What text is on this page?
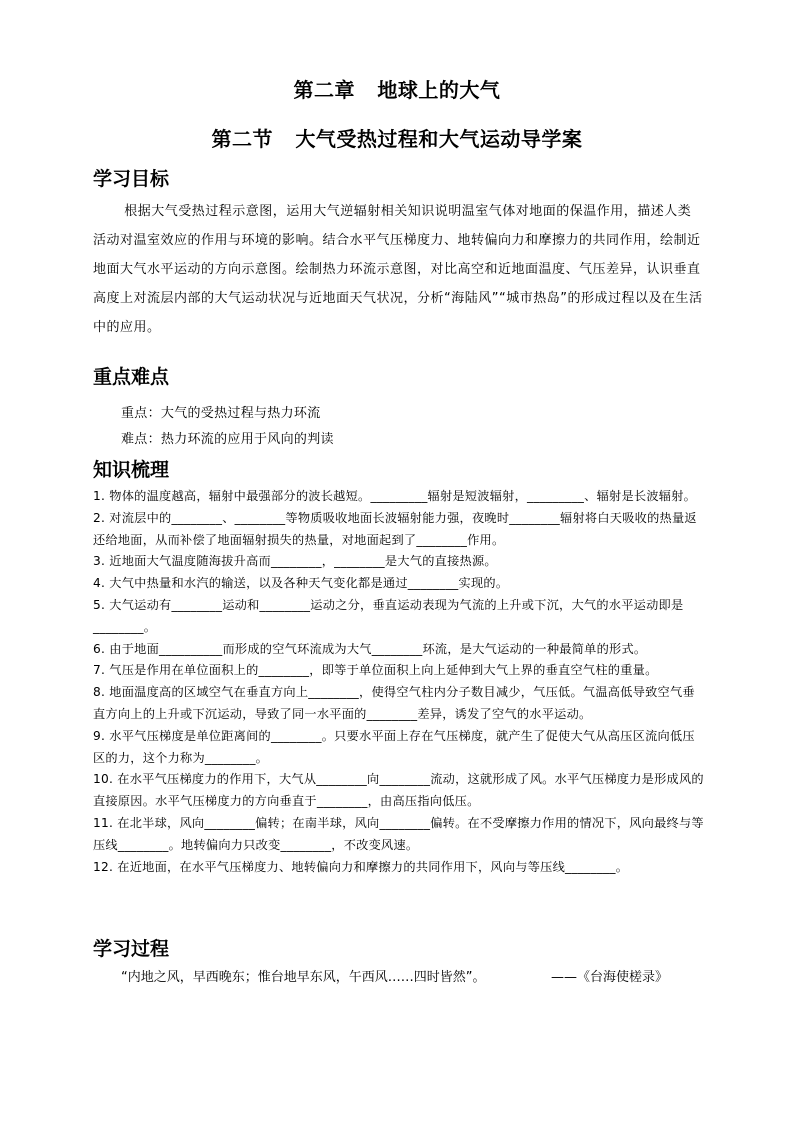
第二章   地球上的大气
第二节   大气受热过程和大气运动导学案
学习目标
根据大气受热过程示意图，运用大气逆辐射相关知识说明温室气体对地面的保温作用，描述人类活动对温室效应的作用与环境的影响。结合水平气压梯度力、地转偏向力和摩擦力的共同作用，绘制近地面大气水平运动的方向示意图。绘制热力环流示意图，对比高空和近地面温度、气压差异，认识垂直高度上对流层内部的大气运动状况与近地面天气状况，分析“海陆风”“城市热岛”的形成过程以及在生活中的应用。
重点难点
重点：大气的受热过程与热力环流
难点：热力环流的应用于风向的判读
知识梳理
1. 物体的温度越高，辐射中最强部分的波长越短。_________辐射是短波辐射，_________、辐射是长波辐射。
2. 对流层中的________、________等物质吸收地面长波辐射能力强，夜晚时________辐射将白天吸收的热量返还给地面，从而补偿了地面辐射损失的热量，对地面起到了________作用。
3. 近地面大气温度随海拔升高而________，________是大气的直接热源。
4. 大气中热量和水汽的输送，以及各种天气变化都是通过________实现的。
5. 大气运动有________运动和________运动之分，垂直运动表现为气流的上升或下沉，大气的水平运动即是________。
6. 由于地面__________而形成的空气环流成为大气________环流，是大气运动的一种最简单的形式。
7. 气压是作用在单位面积上的________，即等于单位面积上向上延伸到大气上界的垂直空气柱的重量。
8. 地面温度高的区域空气在垂直方向上________，使得空气柱内分子数目减少，气压低。气温高低导致空气垂直方向上的上升或下沉运动，导致了同一水平面的________差异，诱发了空气的水平运动。
9. 水平气压梯度是单位距离间的________。只要水平面上存在气压梯度，就产生了促使大气从高压区流向低压区的力，这个力称为________。
10. 在水平气压梯度力的作用下，大气从________向________流动，这就形成了风。水平气压梯度力是形成风的直接原因。水平气压梯度力的方向垂直于________，由高压指向低压。
11. 在北半球，风向________偏转；在南半球，风向________偏转。在不受摩擦力作用的情况下，风向最终与等压线________。地转偏向力只改变________，不改变风速。
12. 在近地面，在水平气压梯度力、地转偏向力和摩擦力的共同作用下，风向与等压线________。
学习过程
“内地之风，早西晚东；惟台地早东风，午西风……四时皆然”。	——《台海使槎录》
